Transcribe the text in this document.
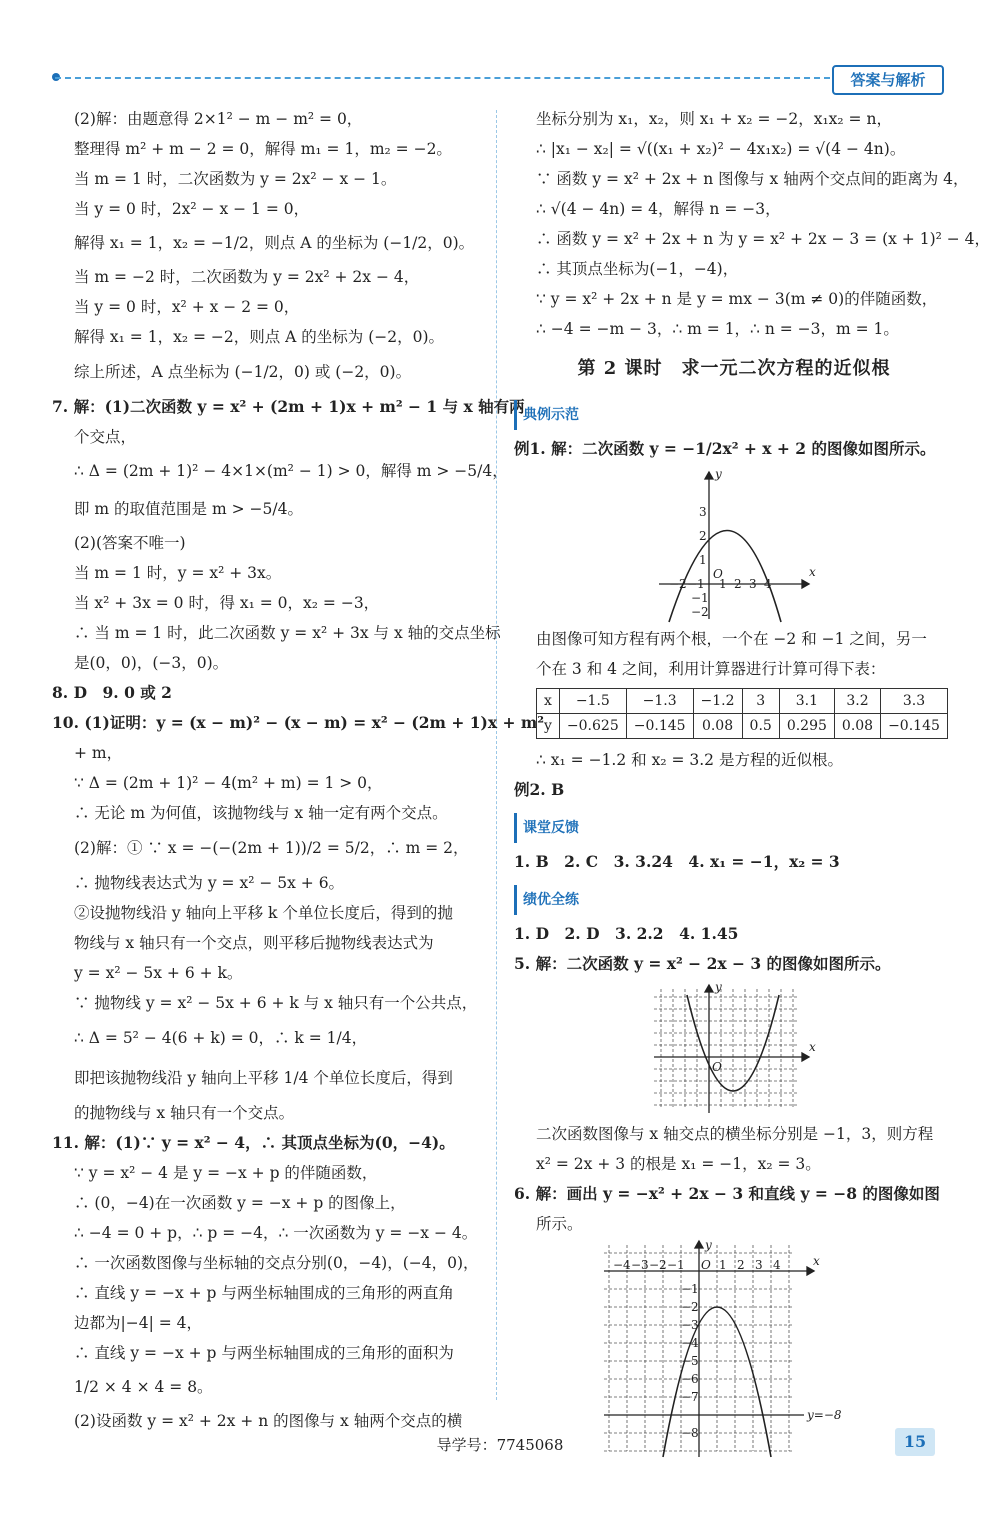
答案与解析
(2)解：由题意得 2×1² − m − m² = 0，
整理得 m² + m − 2 = 0，解得 m₁ = 1，m₂ = −2。
当 m = 1 时，二次函数为 y = 2x² − x − 1。
当 y = 0 时，2x² − x − 1 = 0，
解得 x₁ = 1，x₂ = −1/2，则点 A 的坐标为 (−1/2，0)。
当 m = −2 时，二次函数为 y = 2x² + 2x − 4，
当 y = 0 时，x² + x − 2 = 0，
解得 x₁ = 1，x₂ = −2，则点 A 的坐标为 (−2，0)。
综上所述，A 点坐标为 (−1/2，0) 或 (−2，0)。
7. 解：(1)二次函数 y = x² + (2m + 1)x + m² − 1 与 x 轴有两
个交点，
∴ Δ = (2m + 1)² − 4×1×(m² − 1) > 0，解得 m > −5/4，
即 m 的取值范围是 m > −5/4。
(2)(答案不唯一)
当 m = 1 时，y = x² + 3x。
当 x² + 3x = 0 时，得 x₁ = 0，x₂ = −3，
∴ 当 m = 1 时，此二次函数 y = x² + 3x 与 x 轴的交点坐标
是(0，0)，(−3，0)。
8. D　9. 0 或 2
10. (1)证明：y = (x − m)² − (x − m) = x² − (2m + 1)x + m²
+ m，
∵ Δ = (2m + 1)² − 4(m² + m) = 1 > 0，
∴ 无论 m 为何值，该抛物线与 x 轴一定有两个交点。
(2)解：① ∵ x = −(−(2m + 1))/2 = 5/2，∴ m = 2，
∴ 抛物线表达式为 y = x² − 5x + 6。
②设抛物线沿 y 轴向上平移 k 个单位长度后，得到的抛
物线与 x 轴只有一个交点，则平移后抛物线表达式为
y = x² − 5x + 6 + k。
∵ 抛物线 y = x² − 5x + 6 + k 与 x 轴只有一个公共点，
∴ Δ = 5² − 4(6 + k) = 0，∴ k = 1/4，
即把该抛物线沿 y 轴向上平移 1/4 个单位长度后，得到
的抛物线与 x 轴只有一个交点。
11. 解：(1)∵ y = x² − 4，∴ 其顶点坐标为(0，−4)。
∵ y = x² − 4 是 y = −x + p 的伴随函数，
∴ (0，−4)在一次函数 y = −x + p 的图像上，
∴ −4 = 0 + p，∴ p = −4，∴ 一次函数为 y = −x − 4。
∴ 一次函数图像与坐标轴的交点分别(0，−4)，(−4，0)，
∴ 直线 y = −x + p 与两坐标轴围成的三角形的两直角
边都为|−4| = 4，
∴ 直线 y = −x + p 与两坐标轴围成的三角形的面积为
1/2 × 4 × 4 = 8。
(2)设函数 y = x² + 2x + n 的图像与 x 轴两个交点的横
坐标分别为 x₁，x₂，则 x₁ + x₂ = −2，x₁x₂ = n，
∴ |x₁ − x₂| = √((x₁ + x₂)² − 4x₁x₂) = √(4 − 4n)。
∵ 函数 y = x² + 2x + n 图像与 x 轴两个交点间的距离为 4，
∴ √(4 − 4n) = 4，解得 n = −3，
∴ 函数 y = x² + 2x + n 为 y = x² + 2x − 3 = (x + 1)² − 4，
∴ 其顶点坐标为(−1，−4)，
∵ y = x² + 2x + n 是 y = mx − 3(m ≠ 0)的伴随函数，
∴ −4 = −m − 3，∴ m = 1，∴ n = −3，m = 1。
第 2 课时　求一元二次方程的近似根
典例示范
例1. 解：二次函数 y = −1/2x² + x + 2 的图像如图所示。
3
2
1
−1
−2
−2 −1 1 2 3 4
O	x
y
由图像可知方程有两个根，一个在 −2 和 −1 之间，另一
个在 3 和 4 之间，利用计算器进行计算可得下表：
x	−1.5	−1.3	−1.2	3	3.1	3.2	3.3
y	−0.625	−0.145	0.08	0.5	0.295	0.08	−0.145
∴ x₁ = −1.2 和 x₂ = 3.2 是方程的近似根。
例2. B
课堂反馈
1. B　2. C　3. 3.24　4. x₁ = −1，x₂ = 3
绩优全练
1. D　2. D　3. 2.2　4. 1.45
5. 解：二次函数 y = x² − 2x − 3 的图像如图所示。
O
x
y
二次函数图像与 x 轴交点的横坐标分别是 −1，3，则方程
x² = 2x + 3 的根是 x₁ = −1，x₂ = 3。
6. 解：画出 y = −x² + 2x − 3 和直线 y = −8 的图像如图
所示。
−4 −3 −2 −1	1 2 3 4
−1
−2
−3
−4
−5
−6
−7
−8
O	x
y
y=−8
导学号：7745068	15
